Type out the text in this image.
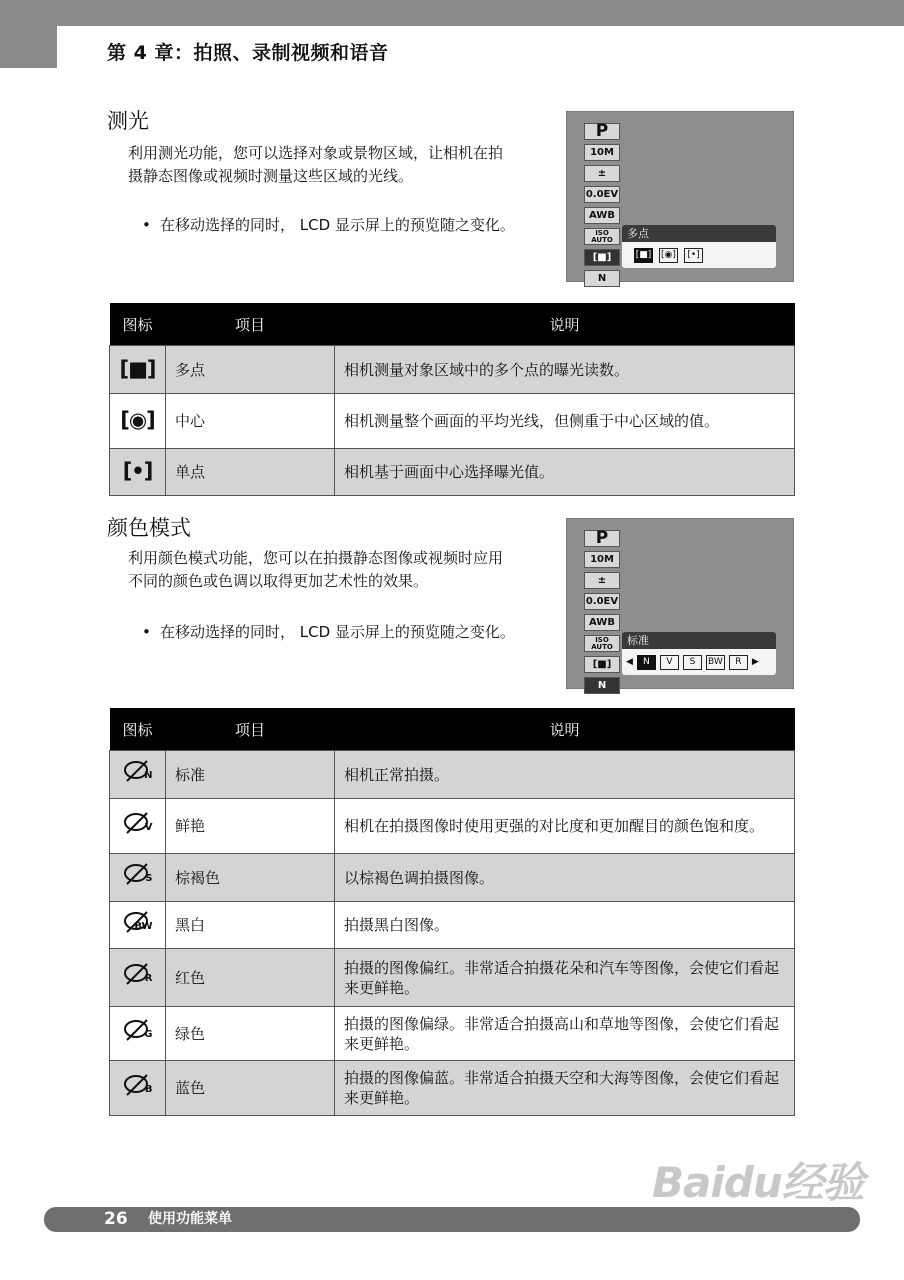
第 4 章：拍照、录制视频和语音
测光
利用测光功能，您可以选择对象或景物区域，让相机在拍摄静态图像或视频时测量这些区域的光线。
• 在移动选择的同时， LCD 显示屏上的预览随之变化。
P
10M
±
0.0EV
AWB
ISO AUTO
[■]
N
多点
[■] [◉]	[•]
图标	项目	说明
[■]	多点	相机测量对象区域中的多个点的曝光读数。
[◉]	中心	相机测量整个画面的平均光线，但侧重于中心区域的值。
[•]	单点	相机基于画面中心选择曝光值。
颜色模式
利用颜色模式功能，您可以在拍摄静态图像或视频时应用不同的颜色或色调以取得更加艺术性的效果。
• 在移动选择的同时， LCD 显示屏上的预览随之变化。
P
10M
±
0.0EV
AWB
ISO AUTO
[■]
N
标准
◀	N	V	S	BW	R	▶
图标	项目	说明

N	标准	相机正常拍摄。

V	鲜艳	相机在拍摄图像时使用更强的对比度和更加醒目的颜色饱和度。

S	棕褐色	以棕褐色调拍摄图像。

BW	黑白	拍摄黑白图像。

R	红色	拍摄的图像偏红。非常适合拍摄花朵和汽车等图像，会使它们看起来更鲜艳。

G	绿色	拍摄的图像偏绿。非常适合拍摄高山和草地等图像，会使它们看起来更鲜艳。

B	蓝色	拍摄的图像偏蓝。非常适合拍摄天空和大海等图像，会使它们看起来更鲜艳。
Baidu经验
26 使用功能菜单
